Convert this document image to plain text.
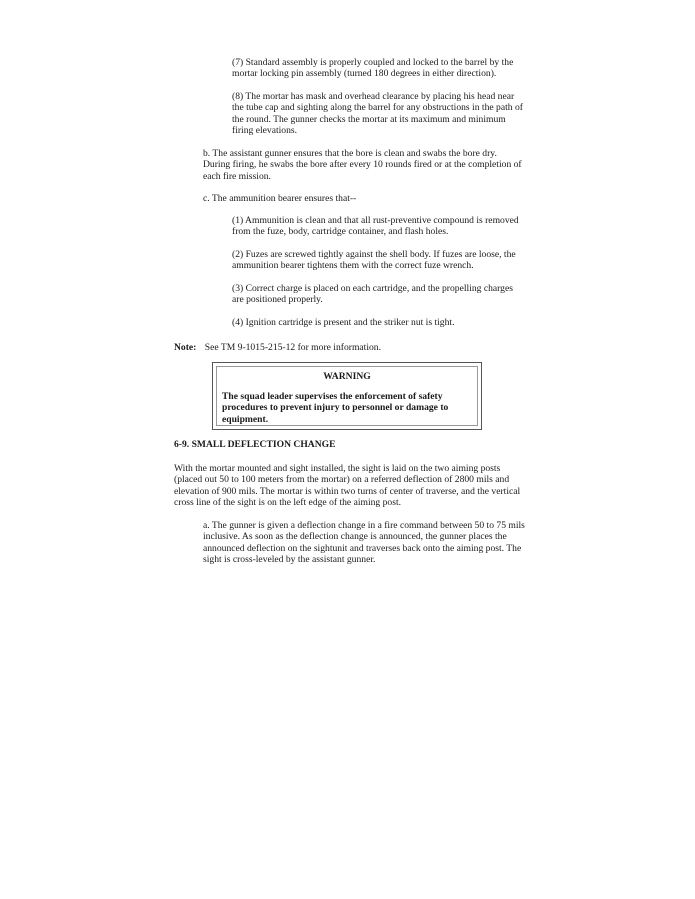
(7) Standard assembly is properly coupled and locked to the barrel by the mortar locking pin assembly (turned 180 degrees in either direction).

(8) The mortar has mask and overhead clearance by placing his head near the tube cap and sighting along the barrel for any obstructions in the path of the round. The gunner checks the mortar at its maximum and minimum firing elevations.

b. The assistant gunner ensures that the bore is clean and swabs the bore dry. During firing, he swabs the bore after every 10 rounds fired or at the completion of each fire mission.

c. The ammunition bearer ensures that--

(1) Ammunition is clean and that all rust-preventive compound is removed from the fuze, body, cartridge container, and flash holes.

(2) Fuzes are screwed tightly against the shell body. If fuzes are loose, the ammunition bearer tightens them with the correct fuze wrench.

(3) Correct charge is placed on each cartridge, and the propelling charges are positioned properly.

(4) Ignition cartridge is present and the striker nut is tight.

Note: See TM 9-1015-215-12 for more information.

WARNING

The squad leader supervises the enforcement of safety procedures to prevent injury to personnel or damage to equipment.

6-9. SMALL DEFLECTION CHANGE

With the mortar mounted and sight installed, the sight is laid on the two aiming posts (placed out 50 to 100 meters from the mortar) on a referred deflection of 2800 mils and elevation of 900 mils. The mortar is within two turns of center of traverse, and the vertical cross line of the sight is on the left edge of the aiming post.

a. The gunner is given a deflection change in a fire command between 50 to 75 mils inclusive. As soon as the deflection change is announced, the gunner places the announced deflection on the sightunit and traverses back onto the aiming post. The sight is cross-leveled by the assistant gunner.
